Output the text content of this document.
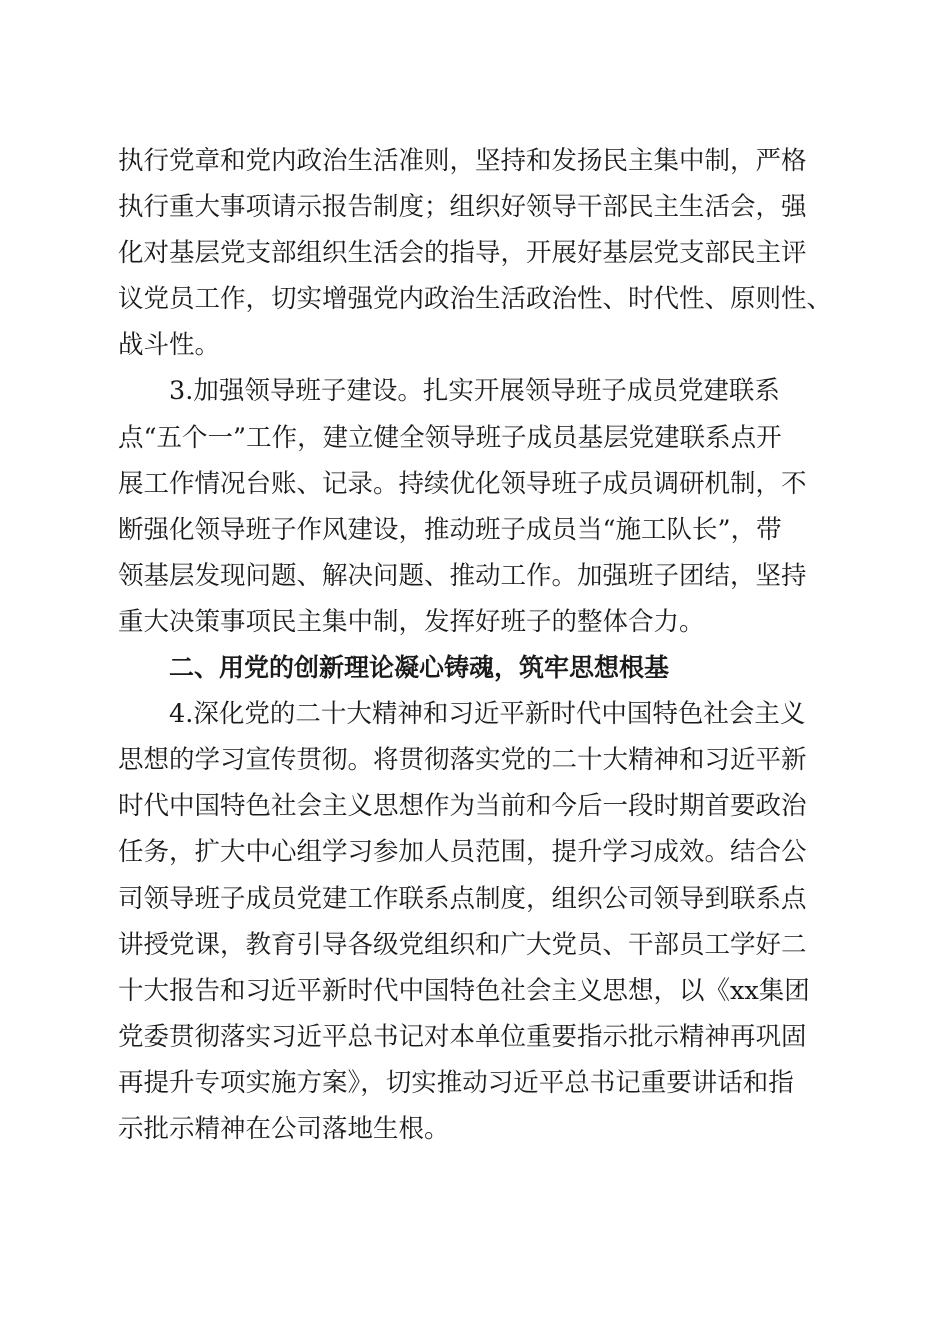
执行党章和党内政治生活准则，坚持和发扬民主集中制，严格
执行重大事项请示报告制度；组织好领导干部民主生活会，强
化对基层党支部组织生活会的指导，开展好基层党支部民主评
议党员工作，切实增强党内政治生活政治性、时代性、原则性、
战斗性。
3.加强领导班子建设。扎实开展领导班子成员党建联系
点“五个一”工作，建立健全领导班子成员基层党建联系点开
展工作情况台账、记录。持续优化领导班子成员调研机制，不
断强化领导班子作风建设，推动班子成员当“施工队长”，带
领基层发现问题、解决问题、推动工作。加强班子团结，坚持
重大决策事项民主集中制，发挥好班子的整体合力。
二、用党的创新理论凝心铸魂，筑牢思想根基
4.深化党的二十大精神和习近平新时代中国特色社会主义
思想的学习宣传贯彻。将贯彻落实党的二十大精神和习近平新
时代中国特色社会主义思想作为当前和今后一段时期首要政治
任务，扩大中心组学习参加人员范围，提升学习成效。结合公
司领导班子成员党建工作联系点制度，组织公司领导到联系点
讲授党课，教育引导各级党组织和广大党员、干部员工学好二
十大报告和习近平新时代中国特色社会主义思想，以《xx集团
党委贯彻落实习近平总书记对本单位重要指示批示精神再巩固
再提升专项实施方案》，切实推动习近平总书记重要讲话和指
示批示精神在公司落地生根。
